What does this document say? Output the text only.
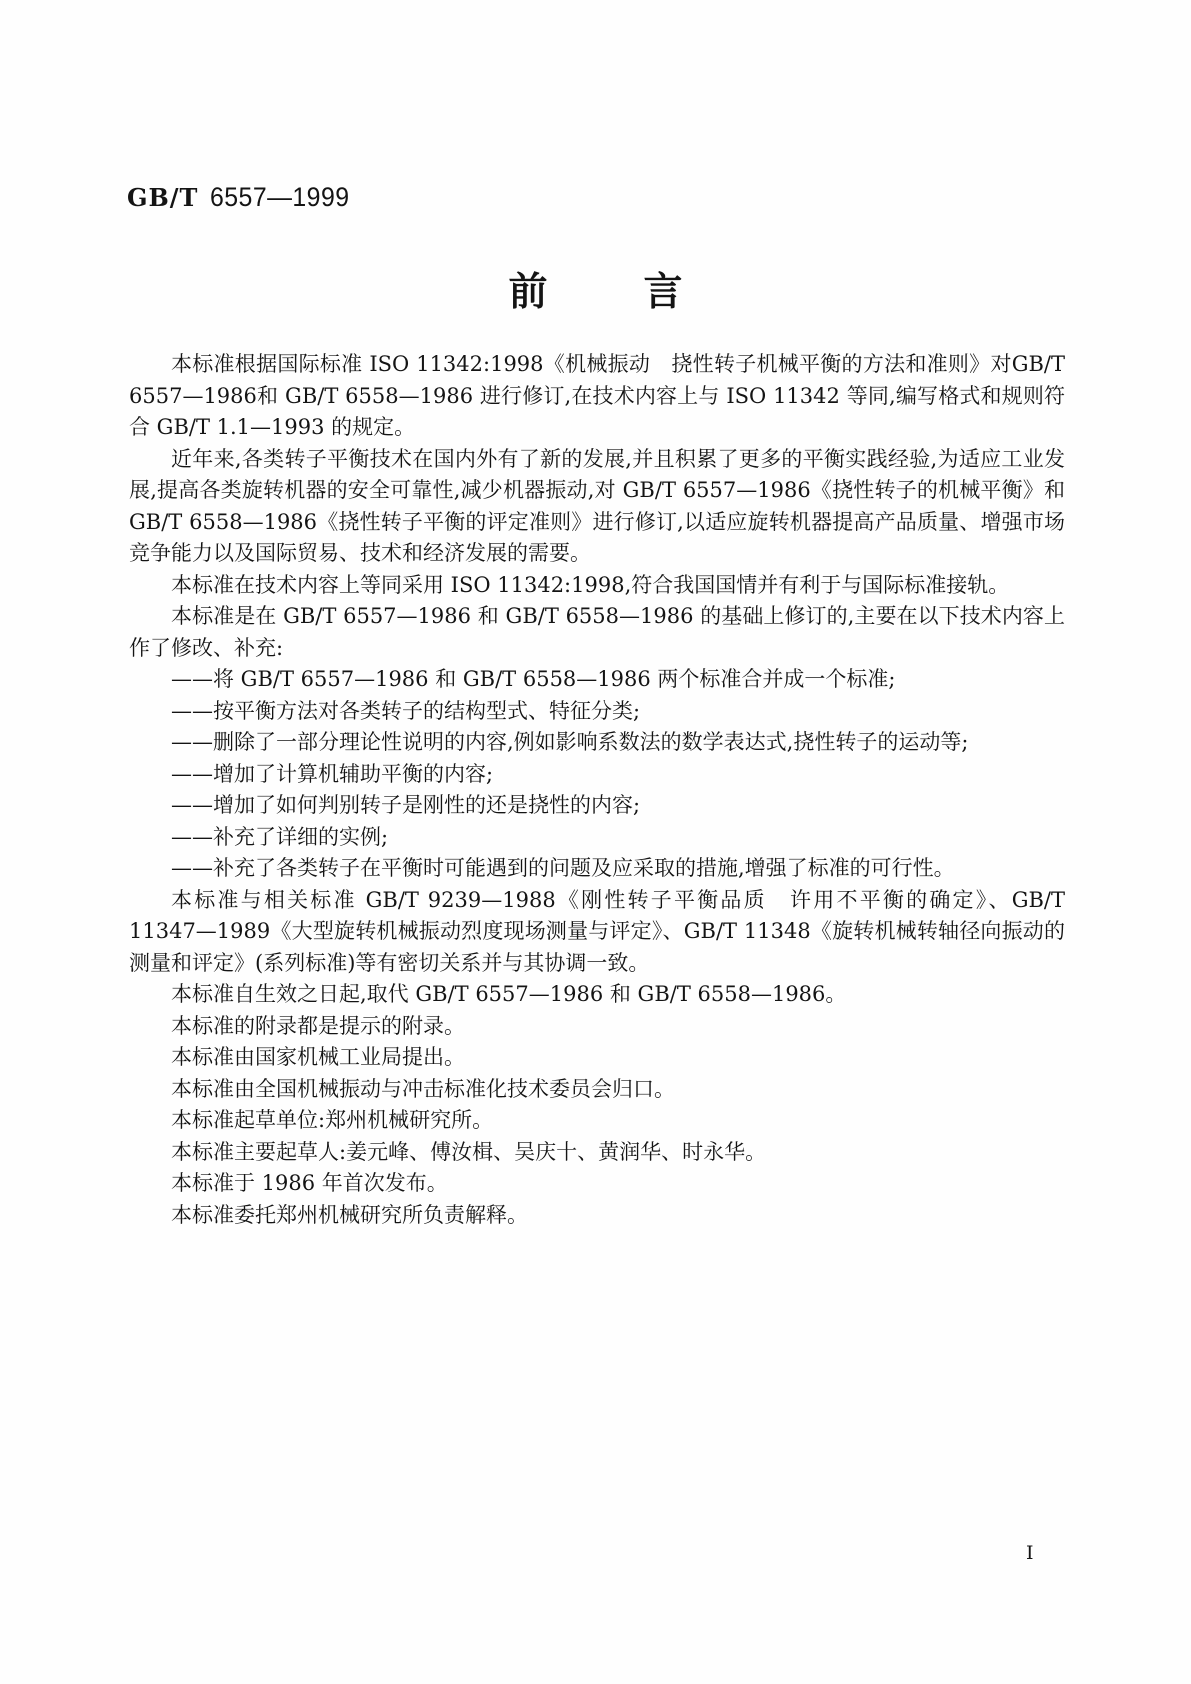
GB/T 6557—1999
前 言

本标准根据国际标准 ISO 11342:1998《机械振动　挠性转子机械平衡的方法和准则》对GB/T 6557—1986和 GB/T 6558—1986 进行修订,在技术内容上与 ISO 11342 等同,编写格式和规则符合 GB/T 1.1—1993 的规定。

近年来,各类转子平衡技术在国内外有了新的发展,并且积累了更多的平衡实践经验,为适应工业发展,提高各类旋转机器的安全可靠性,减少机器振动,对 GB/T 6557—1986《挠性转子的机械平衡》和GB/T 6558—1986《挠性转子平衡的评定准则》进行修订,以适应旋转机器提高产品质量、增强市场竞争能力以及国际贸易、技术和经济发展的需要。

本标准在技术内容上等同采用 ISO 11342:1998,符合我国国情并有利于与国际标准接轨。

本标准是在 GB/T 6557—1986 和 GB/T 6558—1986 的基础上修订的,主要在以下技术内容上作了修改、补充:

——将 GB/T 6557—1986 和 GB/T 6558—1986 两个标准合并成一个标准;

——按平衡方法对各类转子的结构型式、特征分类;

——删除了一部分理论性说明的内容,例如影响系数法的数学表达式,挠性转子的运动等;

——增加了计算机辅助平衡的内容;

——增加了如何判别转子是刚性的还是挠性的内容;

——补充了详细的实例;

——补充了各类转子在平衡时可能遇到的问题及应采取的措施,增强了标准的可行性。

本标准与相关标准 GB/T 9239—1988《刚性转子平衡品质　许用不平衡的确定》、GB/T 11347—1989《大型旋转机械振动烈度现场测量与评定》、GB/T 11348《旋转机械转轴径向振动的测量和评定》(系列标准)等有密切关系并与其协调一致。

本标准自生效之日起,取代 GB/T 6557—1986 和 GB/T 6558—1986。

本标准的附录都是提示的附录。

本标准由国家机械工业局提出。

本标准由全国机械振动与冲击标准化技术委员会归口。

本标准起草单位:郑州机械研究所。

本标准主要起草人:姜元峰、傅汝楫、吴庆十、黄润华、时永华。

本标准于 1986 年首次发布。

本标准委托郑州机械研究所负责解释。

I
